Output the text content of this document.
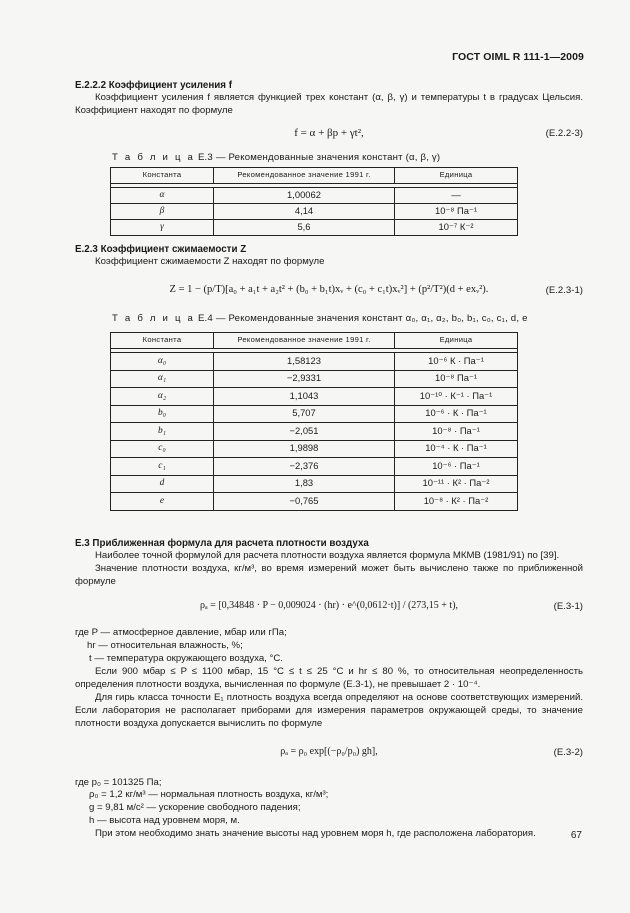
ГОСТ OIML R 111-1—2009
Е.2.2.2 Коэффициент усиления f

Коэффициент усиления f является функцией трех констант (α, β, γ) и температуры t в градусах Цельсия. Коэффициент находят по формуле

f = α + βp + γt²,	(Е.2.2-3)

Т а б л и ц а Е.3 — Рекомендованные значения констант (α, β, γ)

Константа	Рекомендованное значение 1991 г.	Единица

α	1,00062	—
β	4,14	10⁻⁸ Па⁻¹
γ	5,6	10⁻⁷ К⁻²
Е.2.3 Коэффициент сжимаемости Z

Коэффициент сжимаемости Z находят по формуле

Z = 1 − (p/T)[a₀ + a₁t + a₂t² + (b₀ + b₁t)xᵥ + (c₀ + c₁t)xᵥ²] + (p²/T²)(d + exᵥ²).	(Е.2.3-1)

Т а б л и ц а Е.4 — Рекомендованные значения констант α₀, α₁, α₂, b₀, b₁, c₀, c₁, d, e

Константа	Рекомендованное значение 1991 г.	Единица

α₀	1,58123	10⁻⁶ К · Па⁻¹
α₁	−2,9331	10⁻⁸ Па⁻¹
α₂	1,1043	10⁻¹⁰ · К⁻¹ · Па⁻¹
b₀	5,707	10⁻⁶ · К · Па⁻¹
b₁	−2,051	10⁻⁸ · Па⁻¹
c₀	1,9898	10⁻⁴ · К · Па⁻¹
c₁	−2,376	10⁻⁶ · Па⁻¹
d	1,83	10⁻¹¹ · К² · Па⁻²
e	−0,765	10⁻⁸ · К² · Па⁻²
Е.3 Приближенная формула для расчета плотности воздуха

Наиболее точной формулой для расчета плотности воздуха является формула МКМВ (1981/91) по [39].

Значение плотности воздуха, кг/м³, во время измерений может быть вычислено также по приближенной формуле

ρₐ = [0,34848 · P − 0,009024 · (hr) · e^(0,0612·t)] / (273,15 + t),	(Е.3-1)

где P — атмосферное давление, мбар или гПа;

hr — относительная влажность, %;

t — температура окружающего воздуха, °С.

Если 900 мбар ≤ P ≤ 1100 мбар, 15 °С ≤ t ≤ 25 °С и hr ≤ 80 %, то относительная неопределенность определения плотности воздуха, вычисленная по формуле (Е.3-1), не превышает 2 · 10⁻⁴.

Для гирь класса точности E₁ плотность воздуха всегда определяют на основе соответствующих измерений. Если лаборатория не располагает приборами для измерения параметров окружающей среды, то значение плотности воздуха допускается вычислить по формуле

ρₐ = ρ₀ exp[(−ρ₀/p₀) gh],	(Е.3-2)

где p₀ = 101325 Па;

ρ₀ = 1,2 кг/м³ — нормальная плотность воздуха, кг/м³;

g = 9,81 м/с² — ускорение свободного падения;

h — высота над уровнем моря, м.

При этом необходимо знать значение высоты над уровнем моря h, где расположена лаборатория.	67
